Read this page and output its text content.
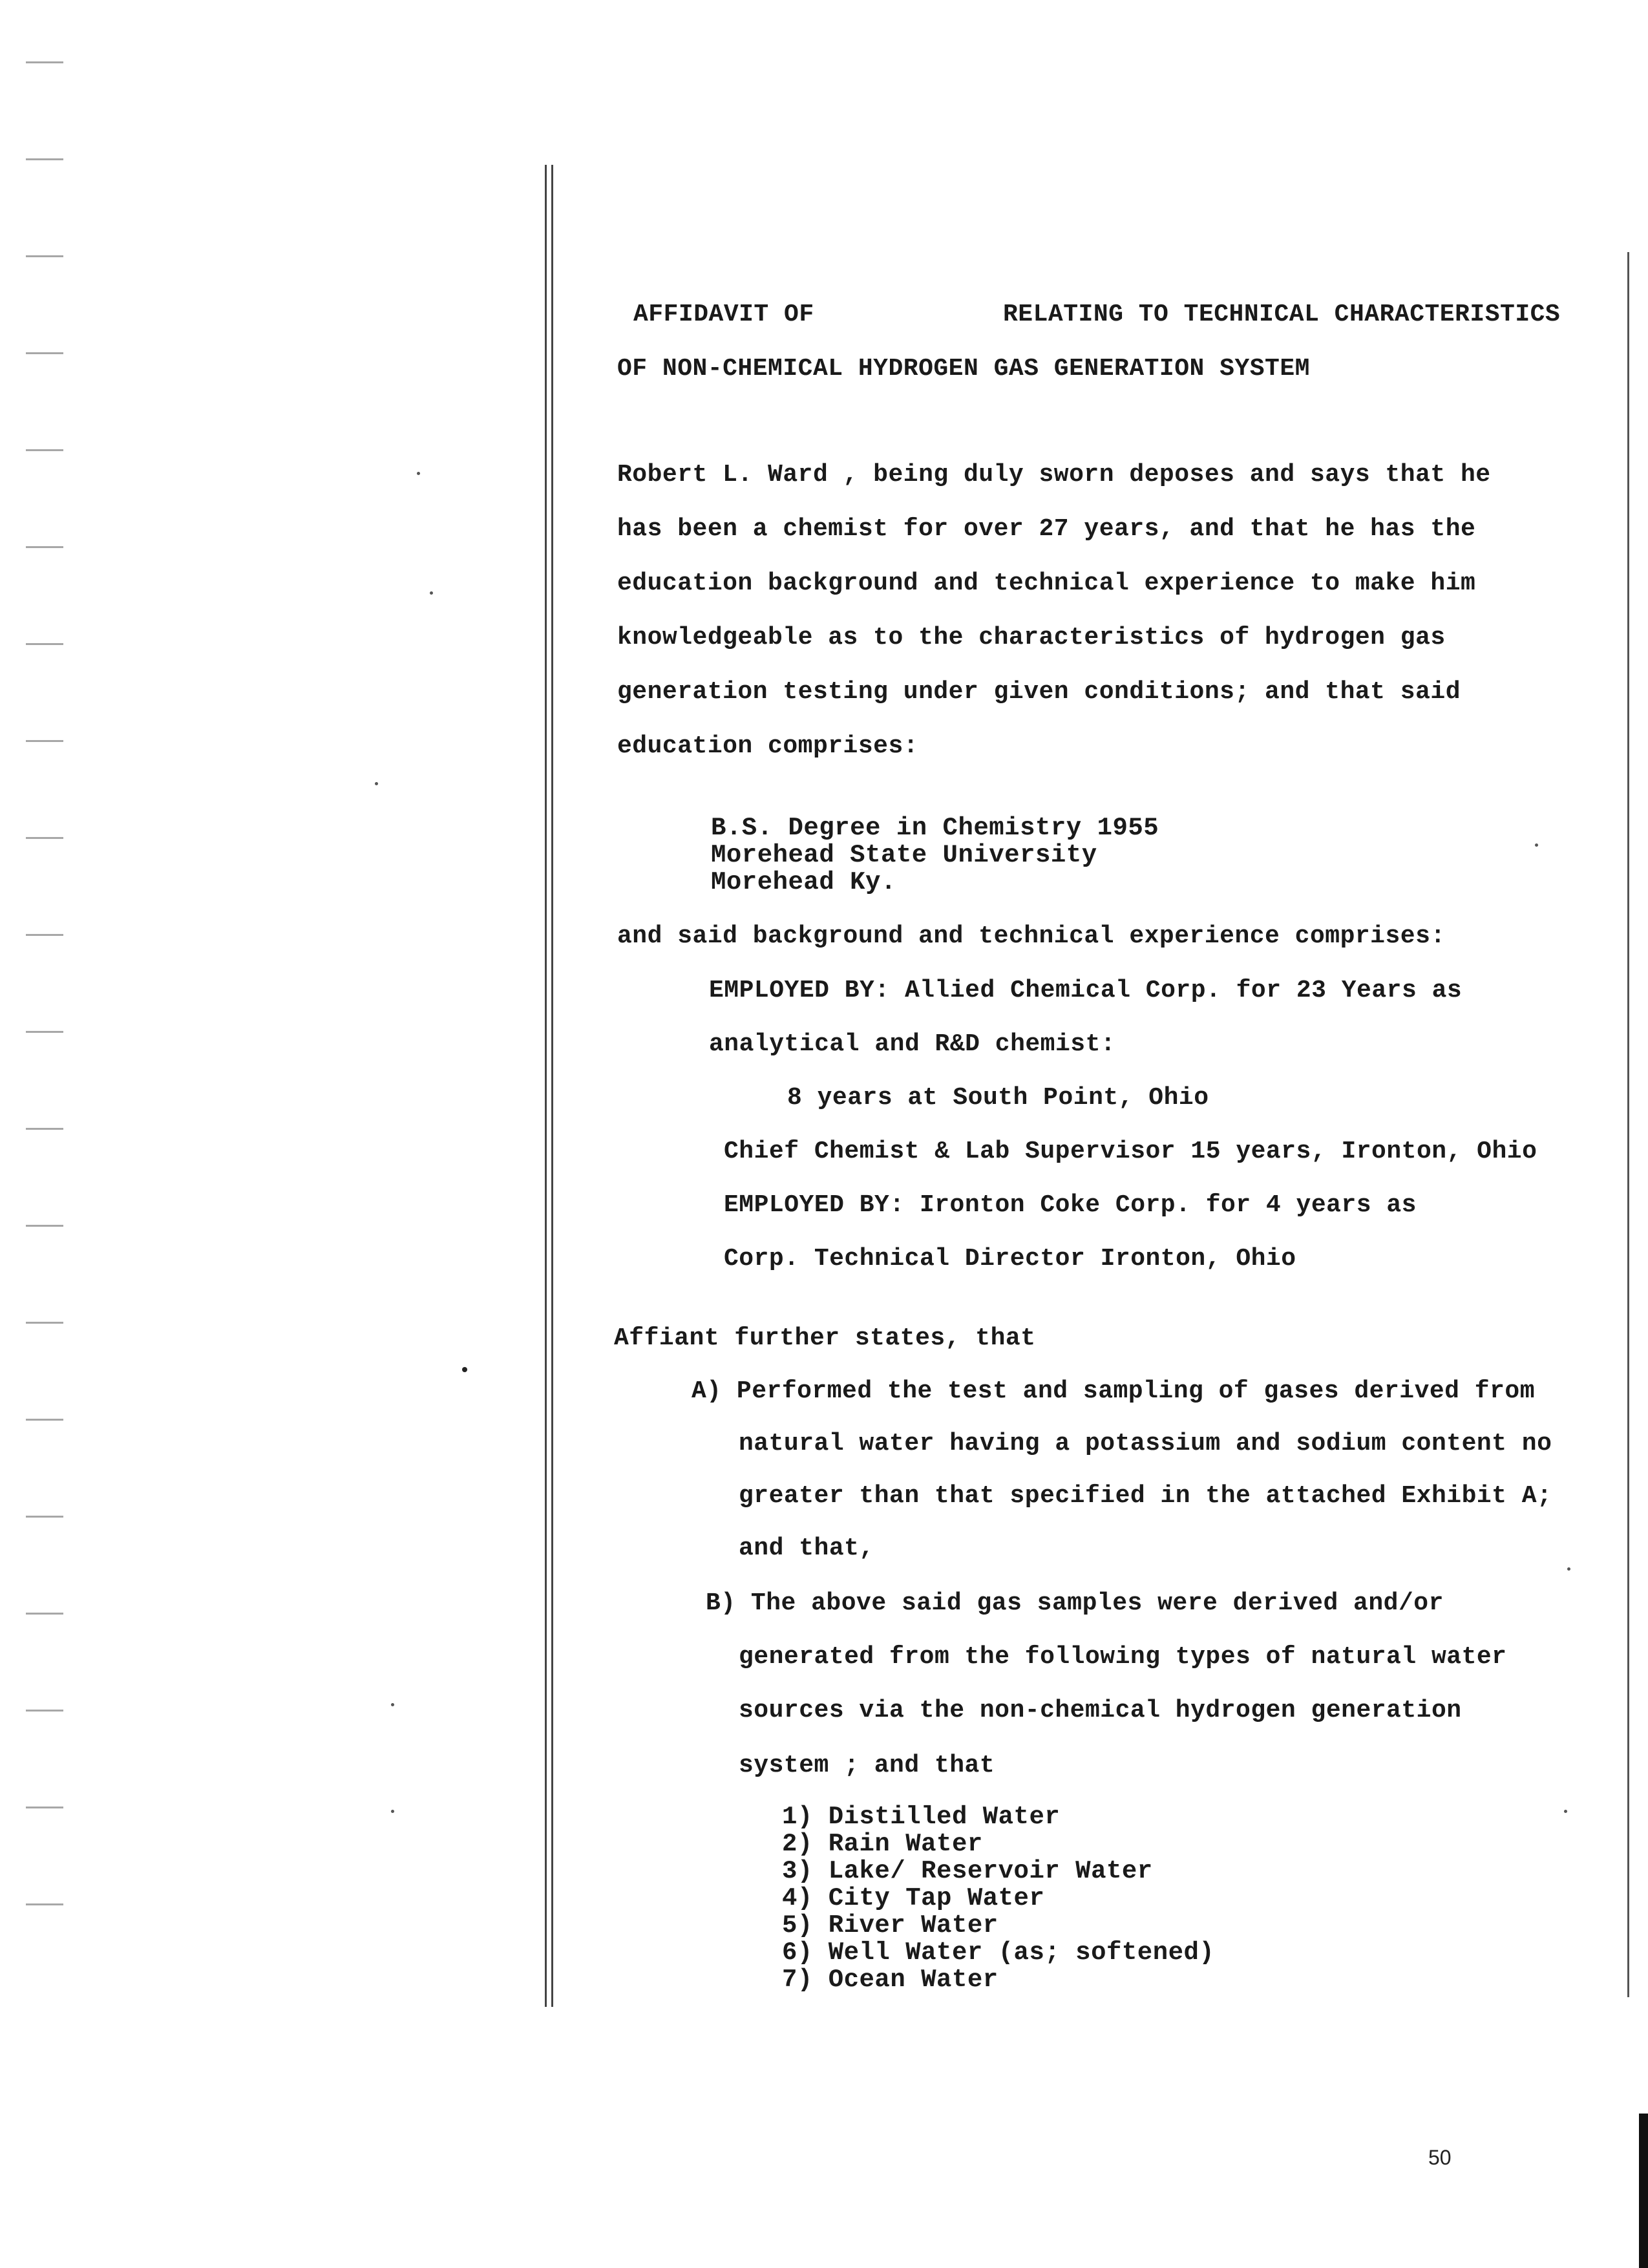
AFFIDAVIT OF	RELATING TO TECHNICAL CHARACTERISTICS
OF NON-CHEMICAL HYDROGEN GAS GENERATION SYSTEM
Robert L. Ward , being duly sworn deposes and says that he
has been a chemist for over 27 years, and that he has the
education background and technical experience to make him
knowledgeable as to the characteristics of hydrogen gas
generation testing under given conditions; and that said
education comprises:
B.S. Degree in Chemistry 1955
Morehead State University
Morehead Ky.
and said background and technical experience comprises:
EMPLOYED BY: Allied Chemical Corp. for 23 Years as
analytical and R&D chemist:
8 years at South Point, Ohio
Chief Chemist & Lab Supervisor 15 years, Ironton, Ohio
EMPLOYED BY: Ironton Coke Corp. for 4 years as
Corp. Technical Director Ironton, Ohio
Affiant further states, that
A) Performed the test and sampling of gases derived from
natural water having a potassium and sodium content no
greater than that specified in the attached Exhibit A;
and that,
B) The above said gas samples were derived and/or
generated from the following types of natural water
sources via the non-chemical hydrogen generation
system ; and that
1) Distilled Water
2) Rain Water
3) Lake/ Reservoir Water
4) City Tap Water
5) River Water
6) Well Water (as; softened)
7) Ocean Water
50
